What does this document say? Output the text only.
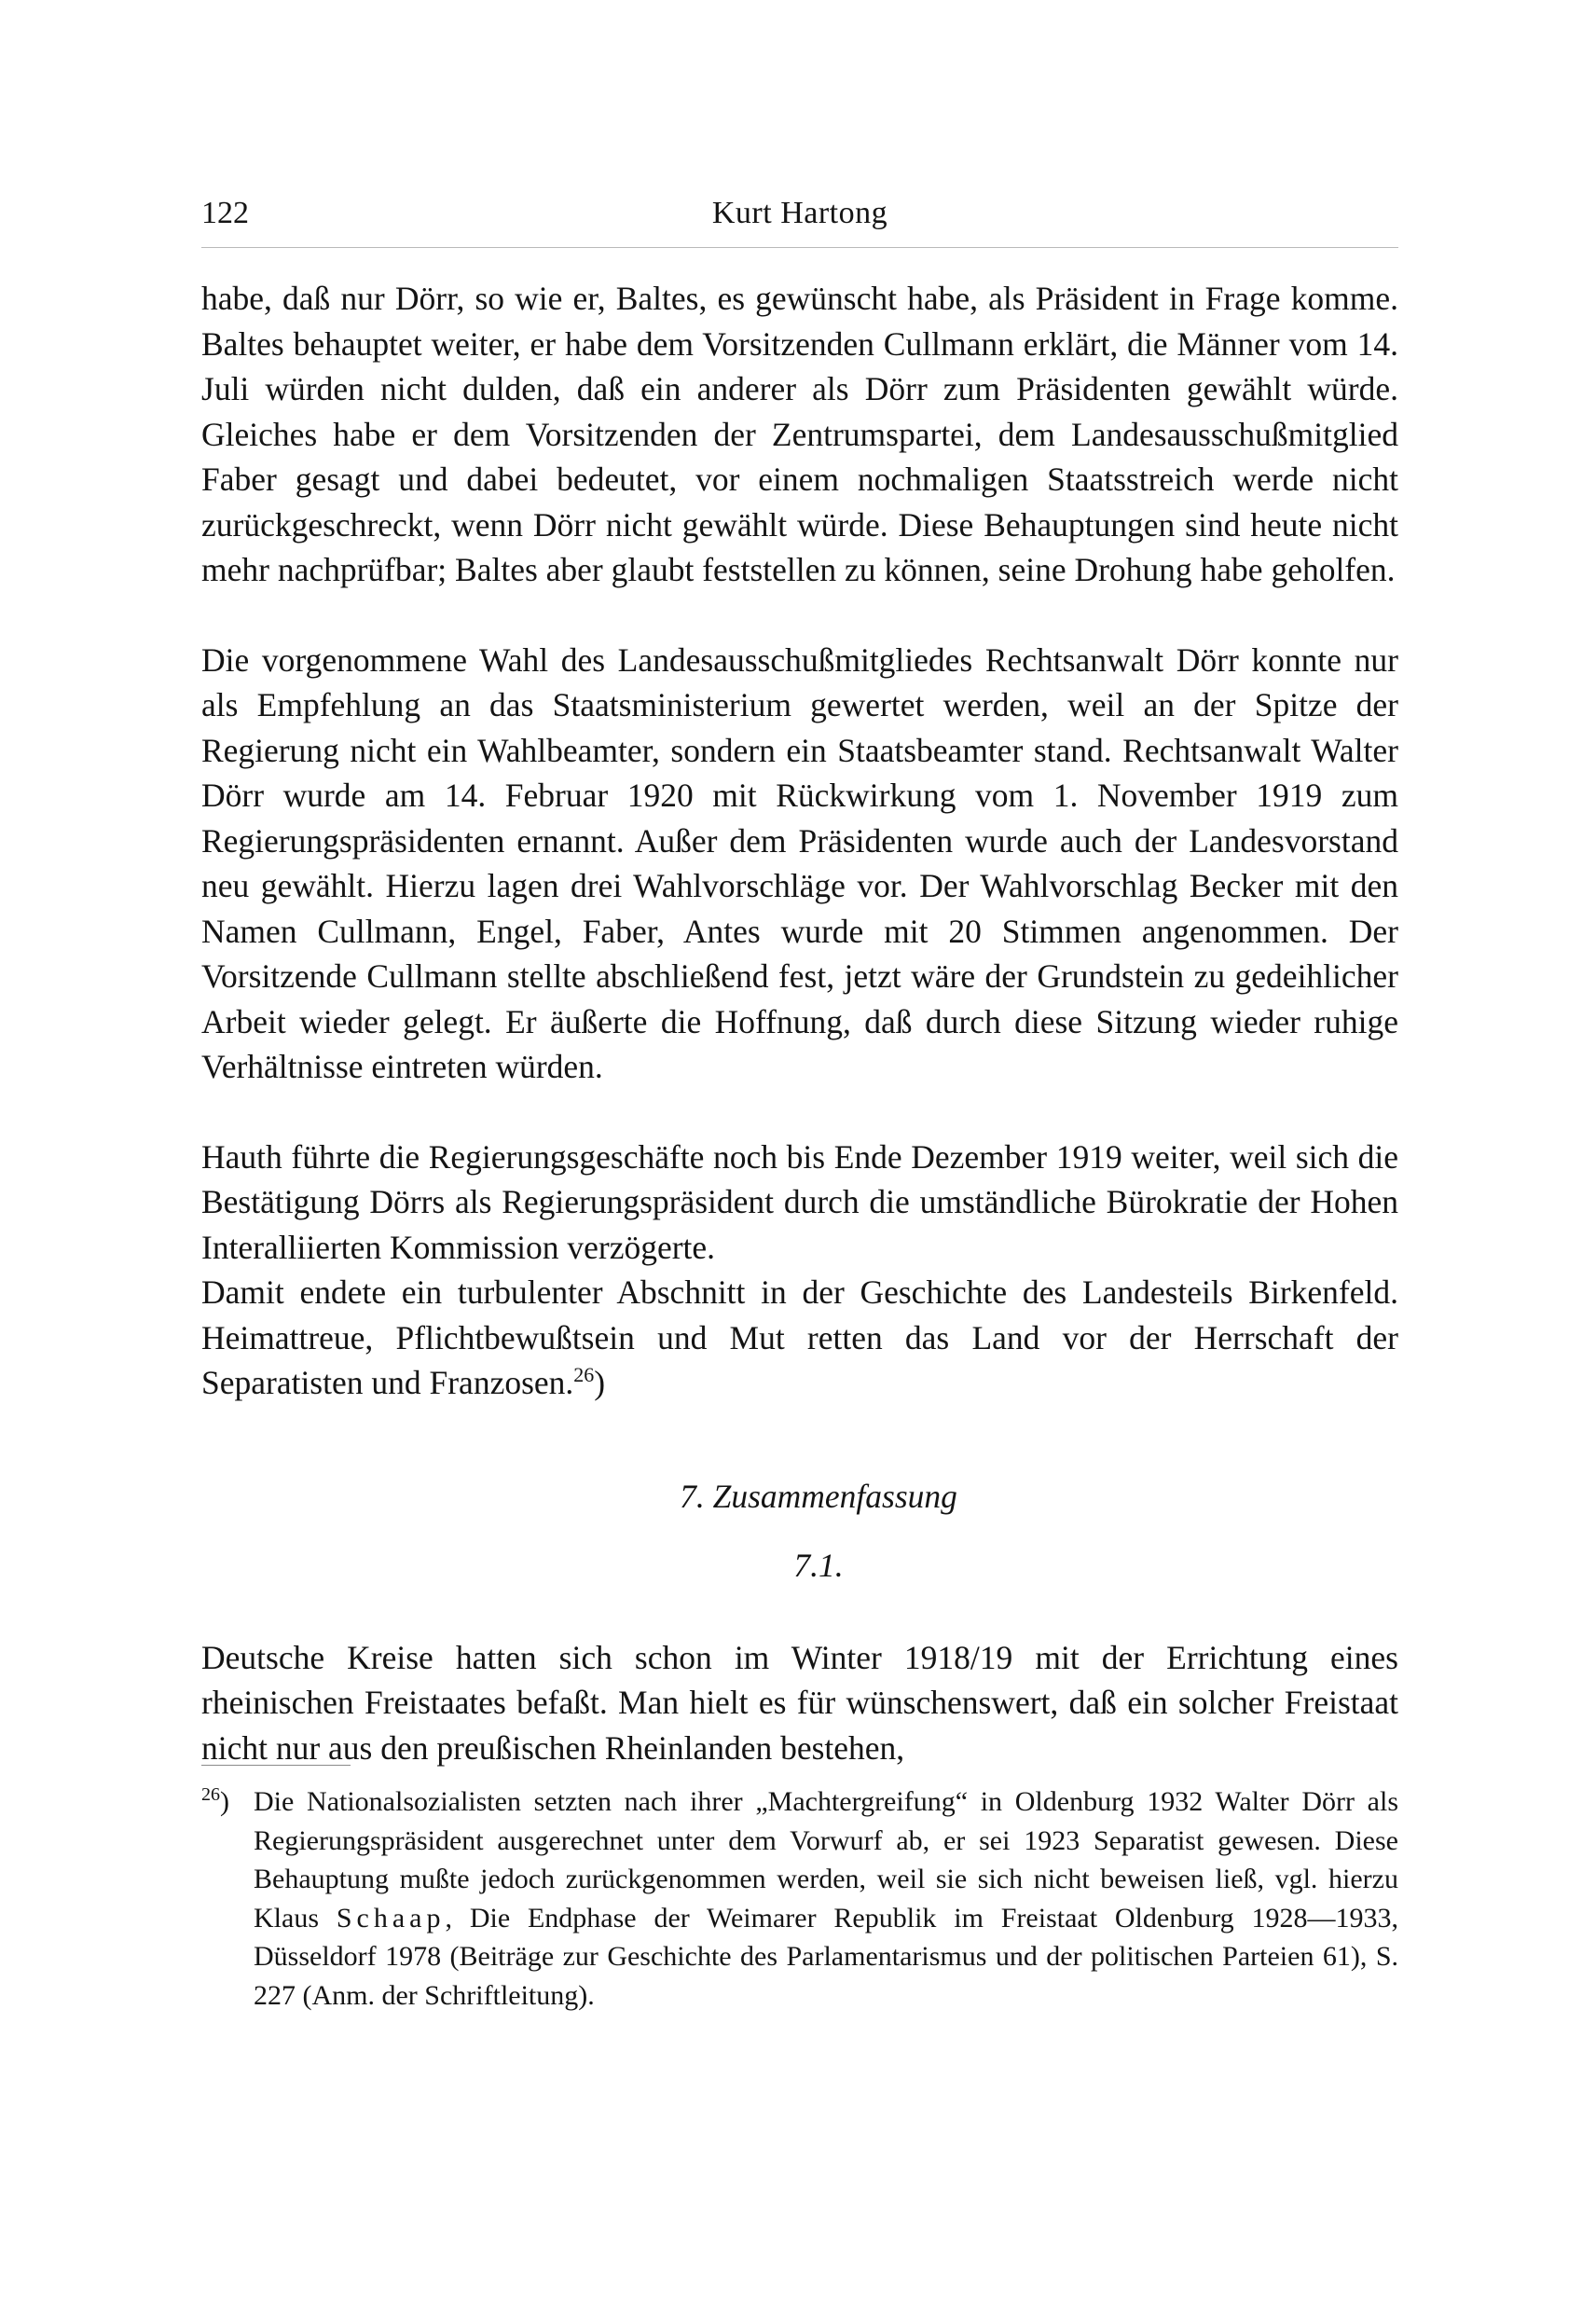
122	Kurt Hartong

habe, daß nur Dörr, so wie er, Baltes, es gewünscht habe, als Präsident in Frage komme. Baltes behauptet weiter, er habe dem Vorsitzenden Cullmann erklärt, die Männer vom 14. Juli würden nicht dulden, daß ein anderer als Dörr zum Präsidenten gewählt würde. Gleiches habe er dem Vorsitzenden der Zentrumspartei, dem Landesausschußmitglied Faber gesagt und dabei bedeutet, vor einem nochmaligen Staatsstreich werde nicht zurückgeschreckt, wenn Dörr nicht gewählt würde. Diese Behauptungen sind heute nicht mehr nachprüfbar; Baltes aber glaubt feststellen zu können, seine Drohung habe geholfen.

Die vorgenommene Wahl des Landesausschußmitgliedes Rechtsanwalt Dörr konnte nur als Empfehlung an das Staatsministerium gewertet werden, weil an der Spitze der Regierung nicht ein Wahlbeamter, sondern ein Staatsbeamter stand. Rechtsanwalt Walter Dörr wurde am 14. Februar 1920 mit Rückwirkung vom 1. November 1919 zum Regierungspräsidenten ernannt. Außer dem Präsidenten wurde auch der Landesvorstand neu gewählt. Hierzu lagen drei Wahlvorschläge vor. Der Wahlvorschlag Becker mit den Namen Cullmann, Engel, Faber, Antes wurde mit 20 Stimmen angenommen. Der Vorsitzende Cullmann stellte abschließend fest, jetzt wäre der Grundstein zu gedeihlicher Arbeit wieder gelegt. Er äußerte die Hoffnung, daß durch diese Sitzung wieder ruhige Verhältnisse eintreten würden.

Hauth führte die Regierungsgeschäfte noch bis Ende Dezember 1919 weiter, weil sich die Bestätigung Dörrs als Regierungspräsident durch die umständliche Bürokratie der Hohen Interalliierten Kommission verzögerte.

Damit endete ein turbulenter Abschnitt in der Geschichte des Landesteils Birkenfeld. Heimattreue, Pflichtbewußtsein und Mut retten das Land vor der Herrschaft der Separatisten und Franzosen.$^{26}$)

7. Zusammenfassung

7.1.

Deutsche Kreise hatten sich schon im Winter 1918/19 mit der Errichtung eines rheinischen Freistaates befaßt. Man hielt es für wünschenswert, daß ein solcher Freistaat nicht nur aus den preußischen Rheinlanden bestehen,

$^{26}$) Die Nationalsozialisten setzten nach ihrer „Machtergreifung“ in Oldenburg 1932 Walter Dörr als Regierungspräsident ausgerechnet unter dem Vorwurf ab, er sei 1923 Separatist gewesen. Diese Behauptung mußte jedoch zurückgenommen werden, weil sie sich nicht beweisen ließ, vgl. hierzu Klaus Schaap, Die Endphase der Weimarer Republik im Freistaat Oldenburg 1928—1933, Düsseldorf 1978 (Beiträge zur Geschichte des Parlamentarismus und der politischen Parteien 61), S. 227 (Anm. der Schriftleitung).
